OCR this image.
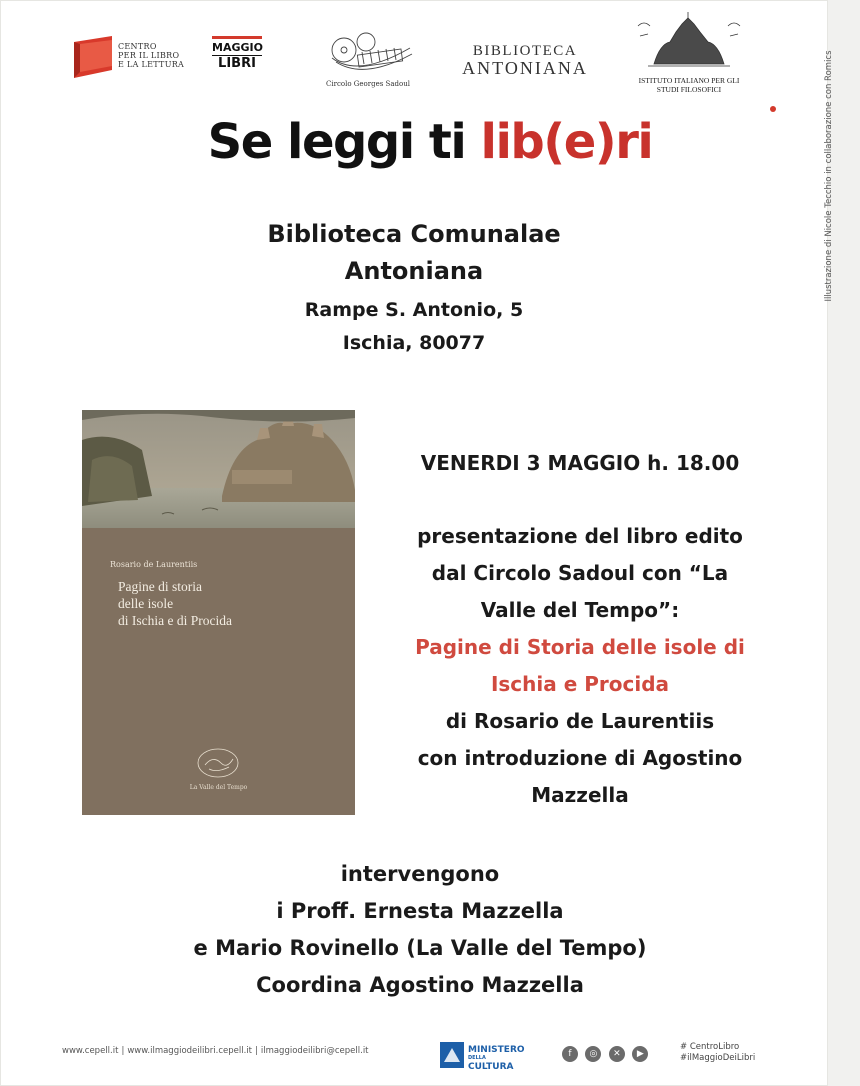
CENTRO
PER IL LIBRO
E LA LETTURA
MAGGIO
LIBRI
Circolo Georges Sadoul
BIBLIOTECA
ANTONIANA
ISTITUTO ITALIANO PER GLI
STUDI FILOSOFICI	Illustrazione di Nicole Tecchio in collaborazione con Romics
Se leggi ti lib(e)ri
Biblioteca Comunalae
Antoniana
Rampe S. Antonio, 5
Ischia, 80077
Rosario de Laurentiis
Pagine di storia
delle isole
di Ischia e di Procida
La Valle del Tempo
VENERDI 3 MAGGIO h. 18.00
presentazione del libro edito
dal Circolo Sadoul con “La
Valle del Tempo”:
Pagine di Storia delle isole di
Ischia e Procida
di Rosario de Laurentiis
con introduzione di Agostino
Mazzella
intervengono
i Proff. Ernesta Mazzella
e Mario Rovinello (La Valle del Tempo)
Coordina Agostino Mazzella
www.cepell.it | www.ilmaggiodeilibri.cepell.it | ilmaggiodeilibri@cepell.it	MINISTERO
DELLA
CULTURA
f ◎ ✕ ▶
# CentroLibro
#ilMaggioDeiLibri
